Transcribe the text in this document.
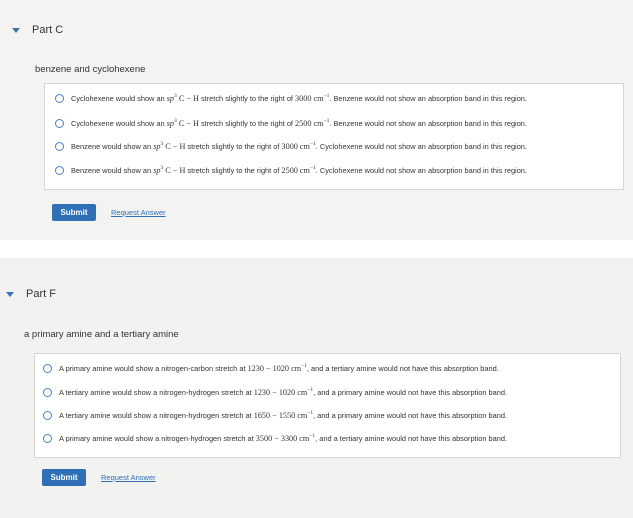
Part C
benzene and cyclohexene
Cyclohexene would show an
$sp^3$ C − H
stretch slightly to the right of
3000 $cm^{-1}$ . Benzene would not show an absorption band in this region.
Cyclohexene would show an
$sp^3$ C − H
stretch slightly to the right of
2500 $cm^{-1}$ . Benzene would not show an absorption band in this region.
Benzene would show an
$sp^3$ C − H
stretch slightly to the right of
3000 $cm^{-1}$ . Cyclohexene would not show an absorption band in this region.
Benzene would show an
$sp^3$ C − H
stretch slightly to the right of
2500 $cm^{-1}$ . Cyclohexene would not show an absorption band in this region.
Submit	Request Answer
Part F
a primary amine and a tertiary amine
A primary amine would show a nitrogen-carbon stretch at
1230 − 1020 $cm^{-1}$ , and a tertiary amine would not have this absorption band.
A tertiary amine would show a nitrogen-hydrogen stretch at
1230 − 1020 $cm^{-1}$ , and a primary amine would not have this absorption band.
A tertiary amine would show a nitrogen-hydrogen stretch at
1650 − 1550 $cm^{-1}$ , and a primary amine would not have this absorption band.
A primary amine would show a nitrogen-hydrogen stretch at
3500 − 3300 $cm^{-1}$ , and a tertiary amine would not have this absorption band.
Submit	Request Answer
